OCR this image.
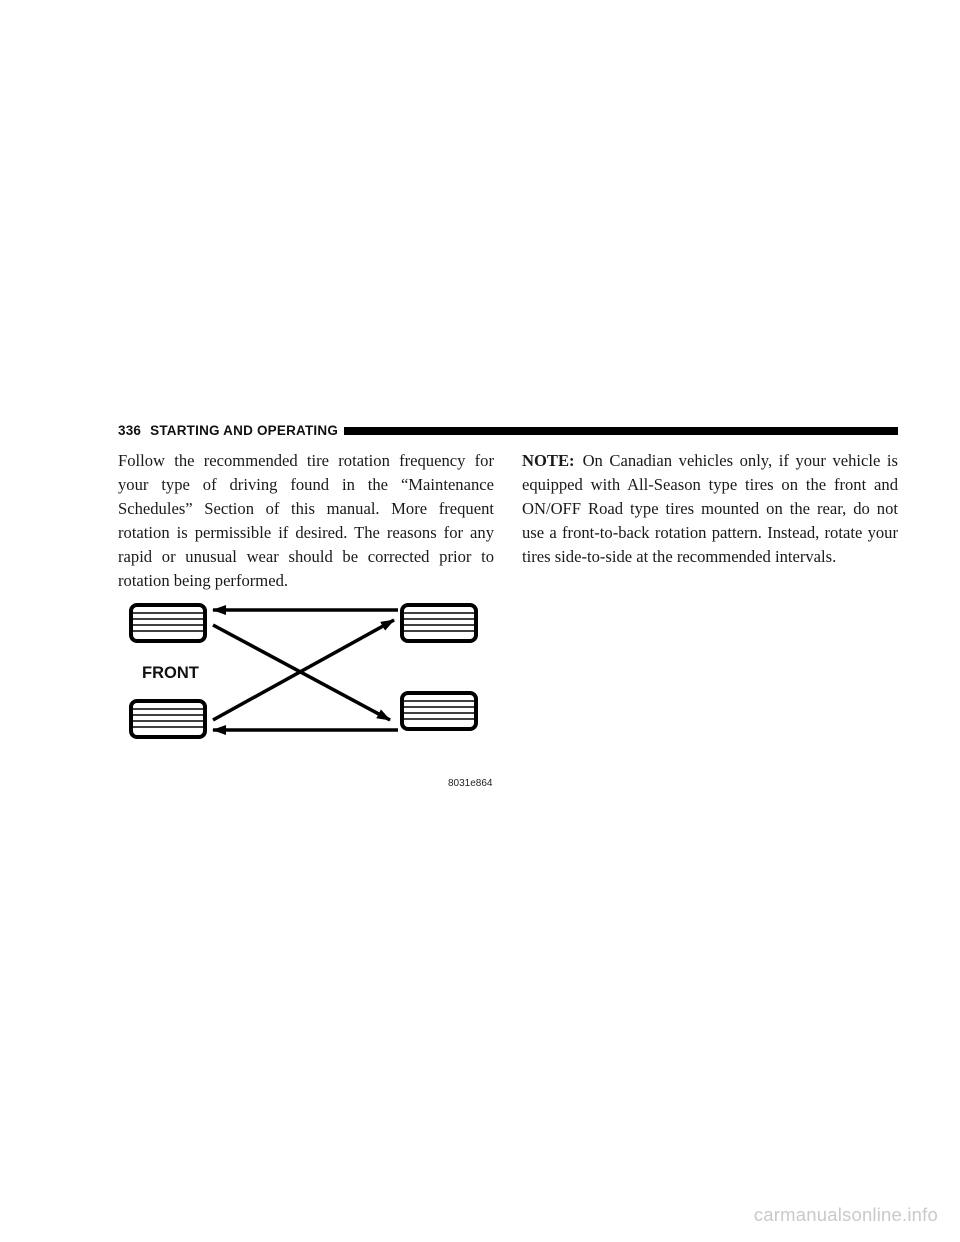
336 STARTING AND OPERATING

Follow the recommended tire rotation frequency for your type of driving found in the “Maintenance Schedules” Section of this manual. More frequent rotation is permissible if desired. The reasons for any rapid or unusual wear should be corrected prior to rotation being performed.

NOTE: On Canadian vehicles only, if your vehicle is equipped with All-Season type tires on the front and ON/OFF Road type tires mounted on the rear, do not use a front-to-back rotation pattern. Instead, rotate your tires side-to-side at the recommended intervals.

FRONT
8031e864
carmanualsonline.info
